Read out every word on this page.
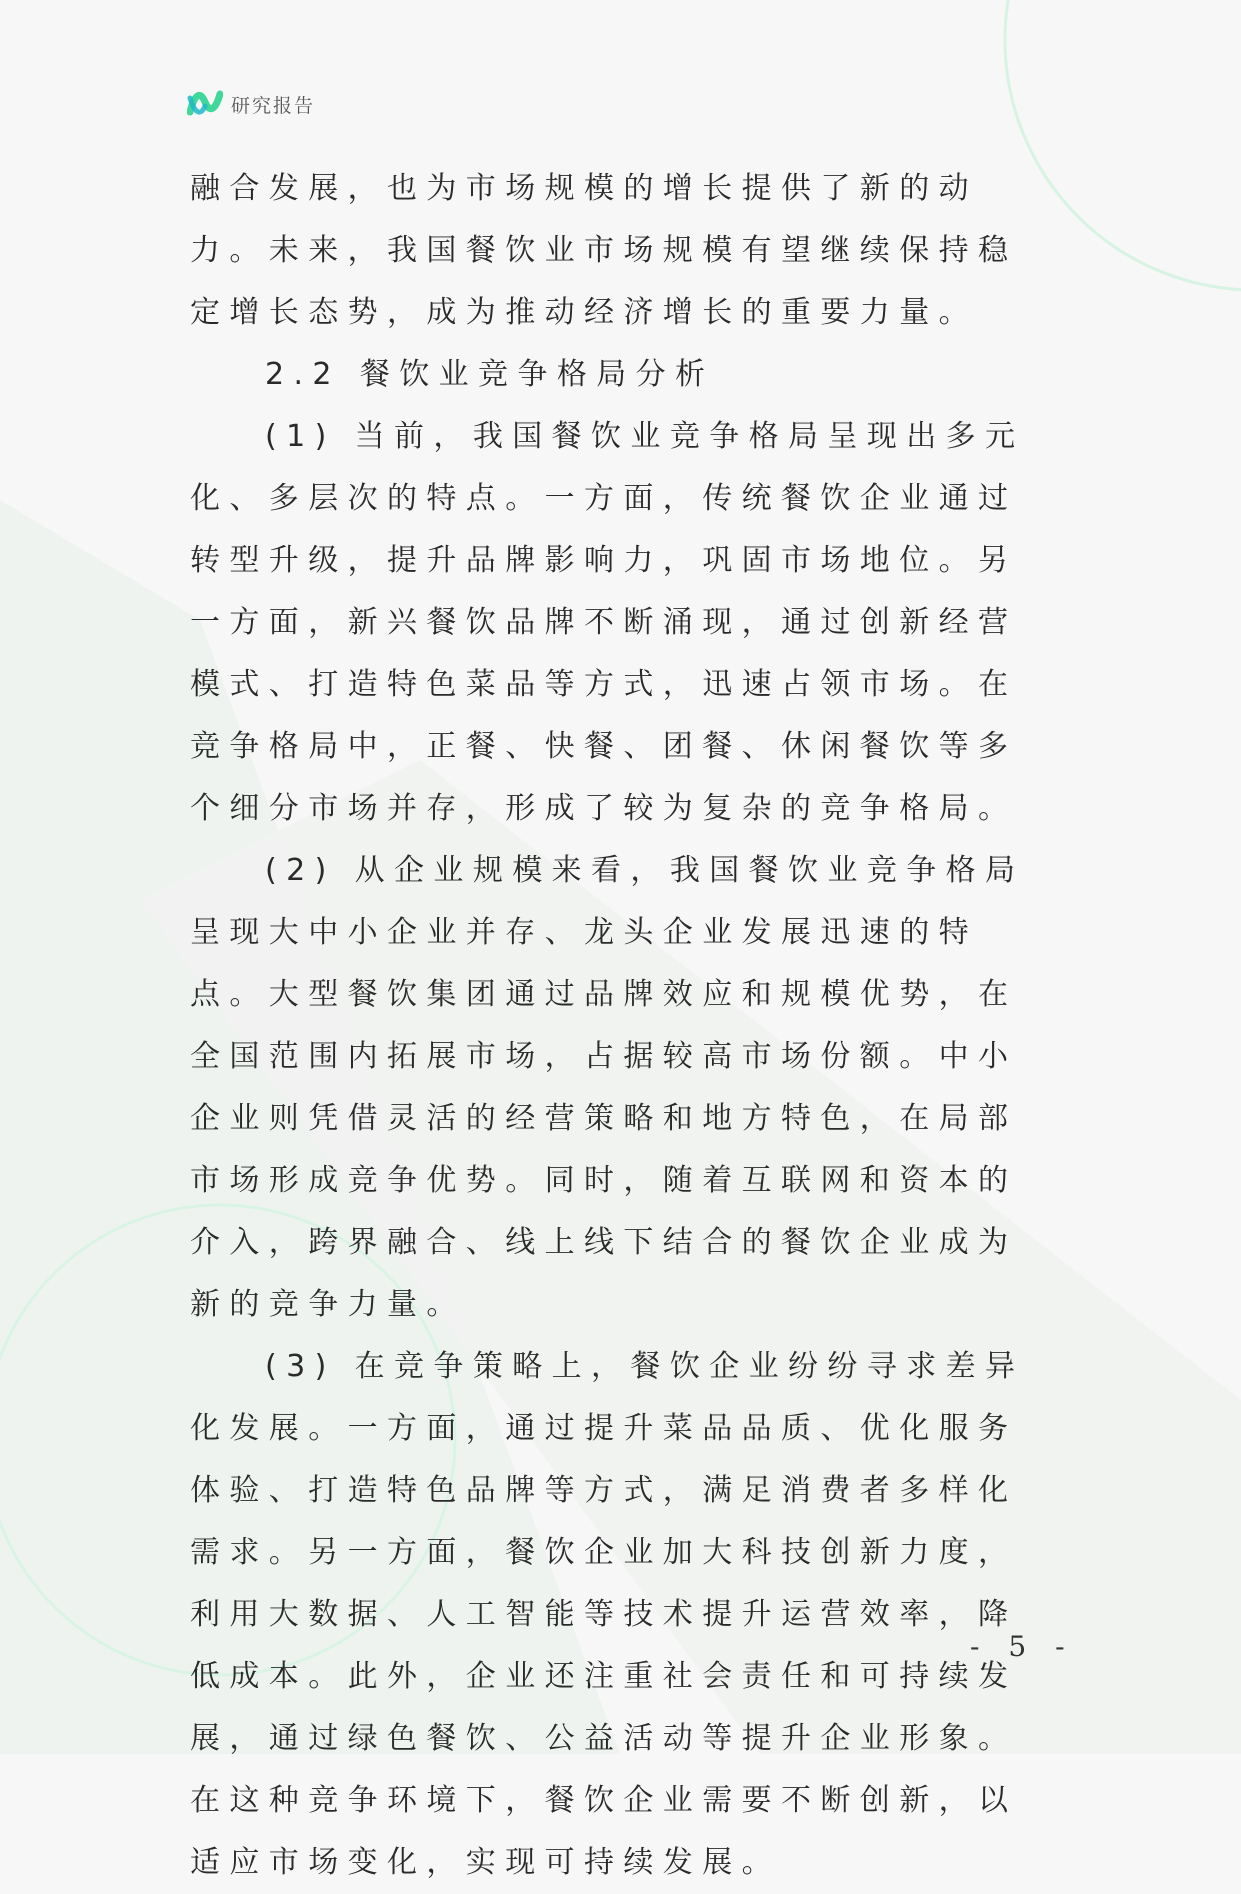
研究报告

融合发展，也为市场规模的增长提供了新的动力。未来，我国餐饮业市场规模有望继续保持稳定增长态势，成为推动经济增长的重要力量。

2.2 餐饮业竞争格局分析

(1) 当前，我国餐饮业竞争格局呈现出多元化、多层次的特点。一方面，传统餐饮企业通过转型升级，提升品牌影响力，巩固市场地位。另一方面，新兴餐饮品牌不断涌现，通过创新经营模式、打造特色菜品等方式，迅速占领市场。在竞争格局中，正餐、快餐、团餐、休闲餐饮等多个细分市场并存，形成了较为复杂的竞争格局。

(2) 从企业规模来看，我国餐饮业竞争格局呈现大中小企业并存、龙头企业发展迅速的特点。大型餐饮集团通过品牌效应和规模优势，在全国范围内拓展市场，占据较高市场份额。中小企业则凭借灵活的经营策略和地方特色，在局部市场形成竞争优势。同时，随着互联网和资本的介入，跨界融合、线上线下结合的餐饮企业成为新的竞争力量。

(3) 在竞争策略上，餐饮企业纷纷寻求差异化发展。一方面，通过提升菜品品质、优化服务体验、打造特色品牌等方式，满足消费者多样化需求。另一方面，餐饮企业加大科技创新力度，利用大数据、人工智能等技术提升运营效率，降低成本。此外，企业还注重社会责任和可持续发展，通过绿色餐饮、公益活动等提升企业形象。在这种竞争环境下，餐饮企业需要不断创新，以适应市场变化，实现可持续发展。

- 5 -
